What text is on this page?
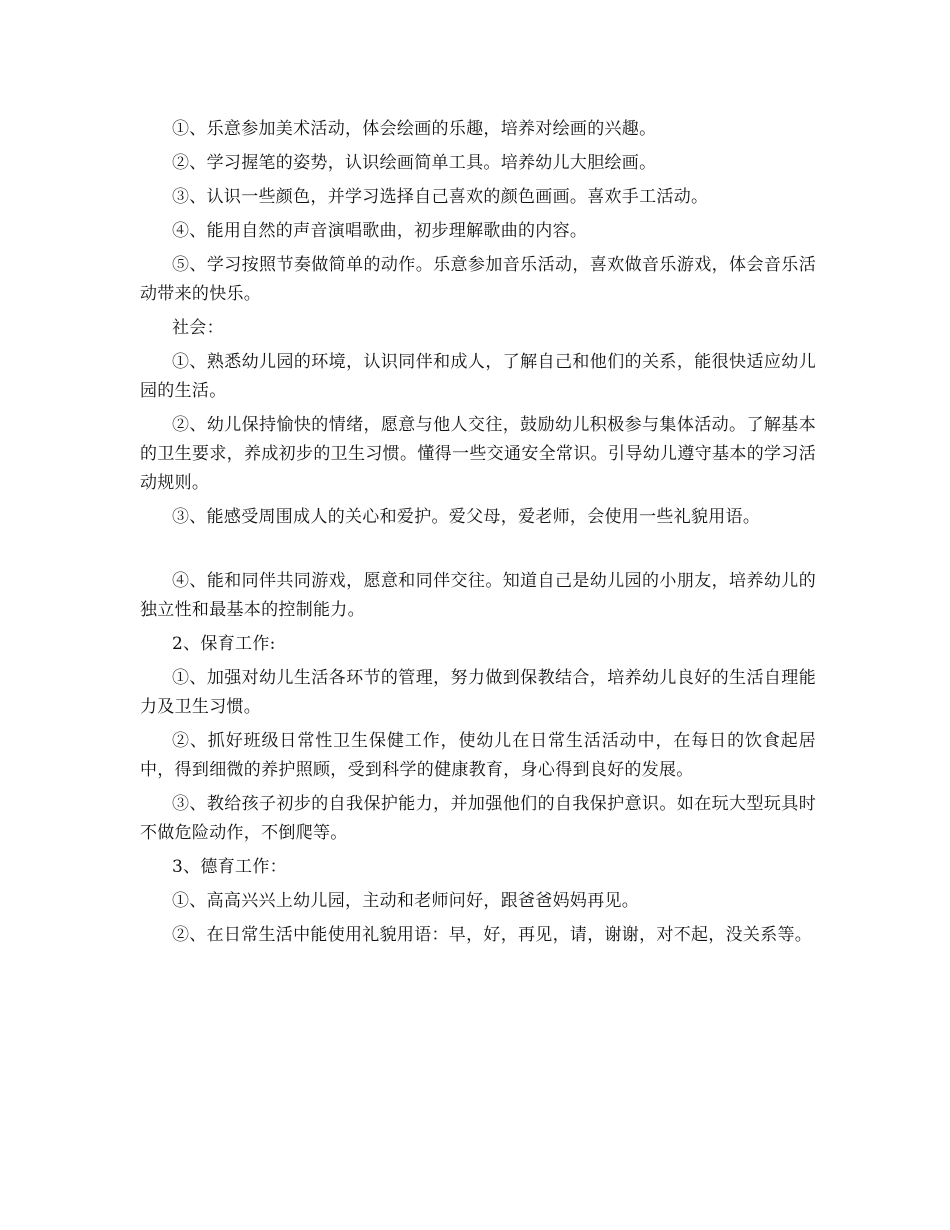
①、乐意参加美术活动，体会绘画的乐趣，培养对绘画的兴趣。

②、学习握笔的姿势，认识绘画简单工具。培养幼儿大胆绘画。

③、认识一些颜色，并学习选择自己喜欢的颜色画画。喜欢手工活动。

④、能用自然的声音演唱歌曲，初步理解歌曲的内容。

⑤、学习按照节奏做简单的动作。乐意参加音乐活动，喜欢做音乐游戏，体会音乐活动带来的快乐。

社会：

①、熟悉幼儿园的环境，认识同伴和成人，了解自己和他们的关系，能很快适应幼儿园的生活。

②、幼儿保持愉快的情绪，愿意与他人交往，鼓励幼儿积极参与集体活动。了解基本的卫生要求，养成初步的卫生习惯。懂得一些交通安全常识。引导幼儿遵守基本的学习活动规则。

③、能感受周围成人的关心和爱护。爱父母，爱老师，会使用一些礼貌用语。

④、能和同伴共同游戏，愿意和同伴交往。知道自己是幼儿园的小朋友，培养幼儿的独立性和最基本的控制能力。

2、保育工作:

①、加强对幼儿生活各环节的管理，努力做到保教结合，培养幼儿良好的生活自理能力及卫生习惯。

②、抓好班级日常性卫生保健工作，使幼儿在日常生活活动中，在每日的饮食起居中，得到细微的养护照顾，受到科学的健康教育，身心得到良好的发展。

③、教给孩子初步的自我保护能力，并加强他们的自我保护意识。如在玩大型玩具时不做危险动作，不倒爬等。

3、德育工作：

①、高高兴兴上幼儿园，主动和老师问好，跟爸爸妈妈再见。

②、在日常生活中能使用礼貌用语：早，好，再见，请，谢谢，对不起，没关系等。
